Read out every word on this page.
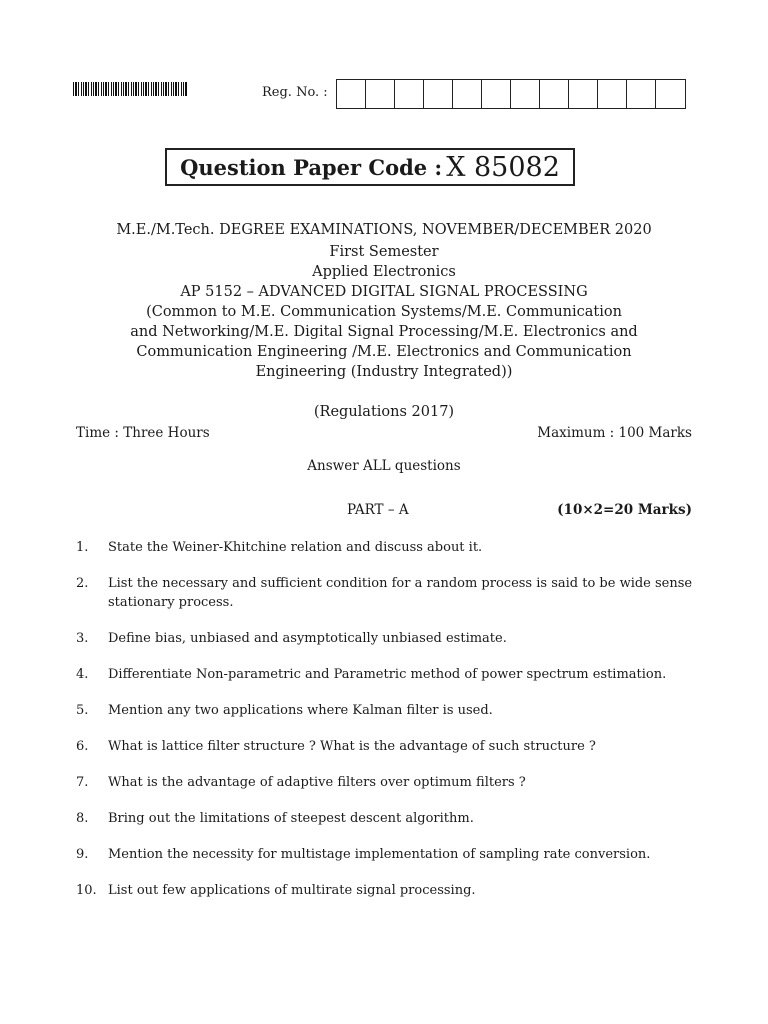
Reg. No. :
Question Paper Code : X 85082
M.E./M.Tech. DEGREE EXAMINATIONS, NOVEMBER/DECEMBER 2020
First Semester
Applied Electronics
AP 5152 – ADVANCED DIGITAL SIGNAL PROCESSING
(Common to M.E. Communication Systems/M.E. Communication
and Networking/M.E. Digital Signal Processing/M.E. Electronics and
Communication Engineering /M.E. Electronics and Communication
Engineering (Industry Integrated))
(Regulations 2017)
Time : Three Hours	Maximum : 100 Marks
Answer ALL questions
PART – A	(10×2=20 Marks)
1.	State the Weiner-Khitchine relation and discuss about it.
2.	List the necessary and sufficient condition for a random process is said to be wide sense stationary process.
3.	Define bias, unbiased and asymptotically unbiased estimate.
4.	Differentiate Non-parametric and Parametric method of power spectrum estimation.
5.	Mention any two applications where Kalman filter is used.
6.	What is lattice filter structure ? What is the advantage of such structure ?
7.	What is the advantage of adaptive filters over optimum filters ?
8.	Bring out the limitations of steepest descent algorithm.
9.	Mention the necessity for multistage implementation of sampling rate conversion.
10. List out few applications of multirate signal processing.
